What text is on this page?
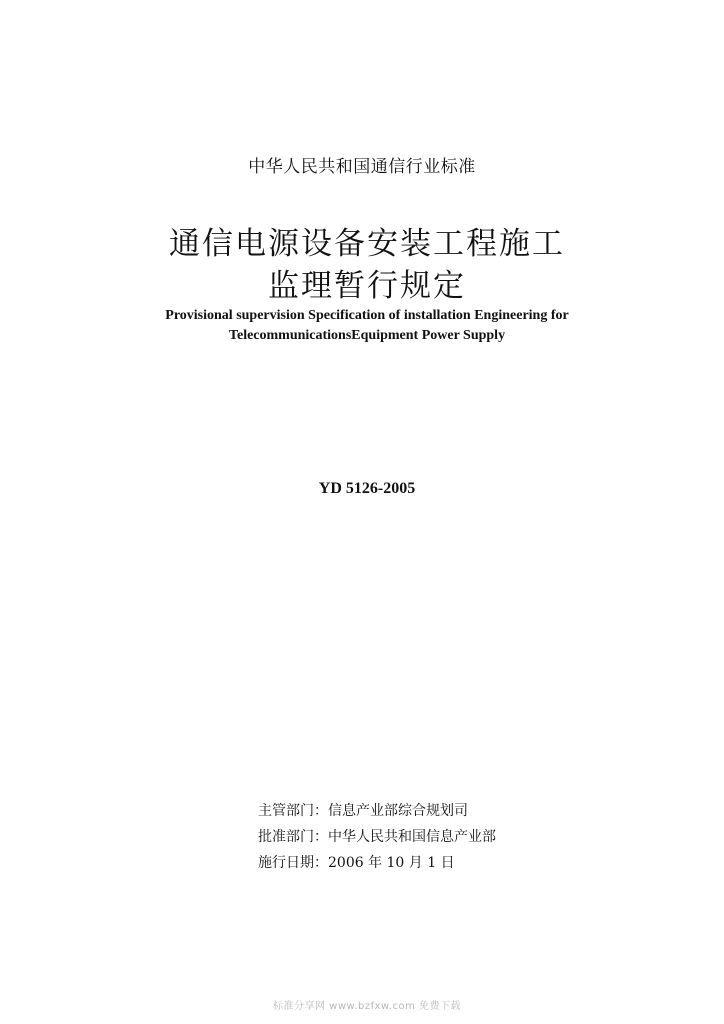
中华人民共和国通信行业标准
通信电源设备安装工程施工
监理暂行规定
Provisional supervision Specification of installation Engineering for
TelecommunicationsEquipment Power Supply
YD 5126-2005
主管部门：信息产业部综合规划司
批准部门：中华人民共和国信息产业部
施行日期：2006 年 10 月 1 日
标准分享网 www.bzfxw.com 免费下载
